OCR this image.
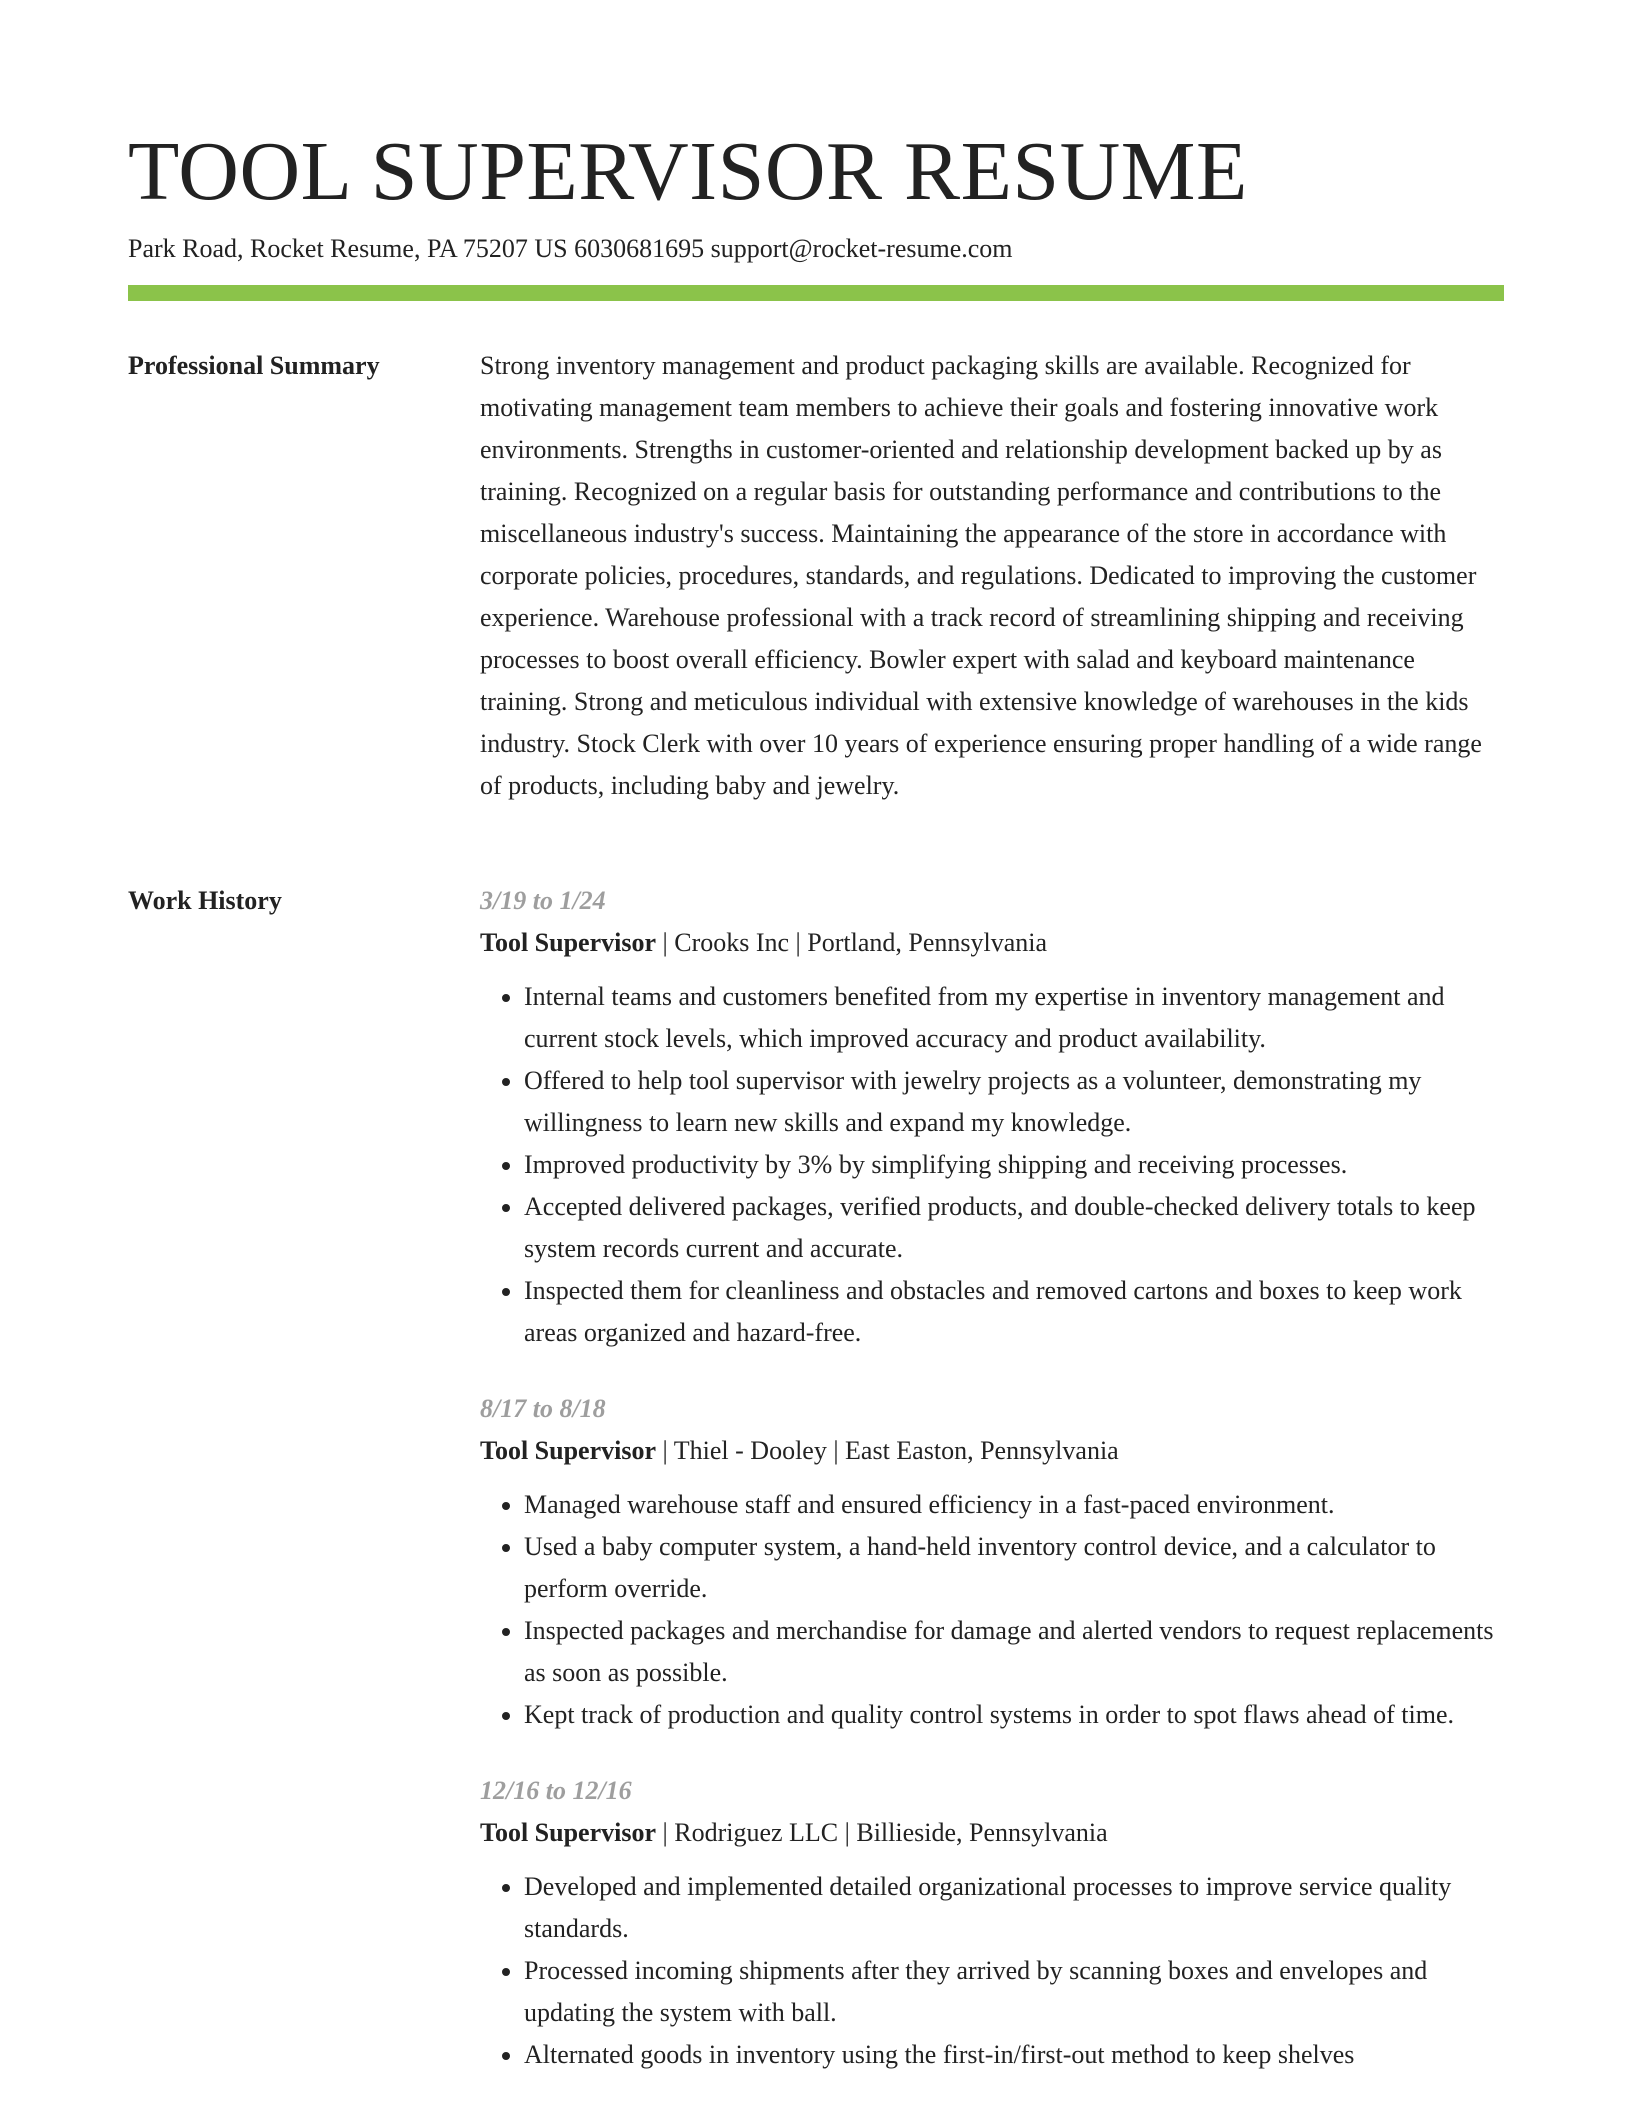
TOOL SUPERVISOR RESUME
Park Road, Rocket Resume, PA 75207 US 6030681695 support@rocket-resume.com
Professional Summary	Strong inventory management and product packaging skills are available. Recognized for motivating management team members to achieve their goals and fostering innovative work environments. Strengths in customer-oriented and relationship development backed up by as training. Recognized on a regular basis for outstanding performance and contributions to the miscellaneous industry's success. Maintaining the appearance of the store in accordance with corporate policies, procedures, standards, and regulations. Dedicated to improving the customer experience. Warehouse professional with a track record of streamlining shipping and receiving processes to boost overall efficiency. Bowler expert with salad and keyboard maintenance training. Strong and meticulous individual with extensive knowledge of warehouses in the kids industry. Stock Clerk with over 10 years of experience ensuring proper handling of a wide range of products, including baby and jewelry.

Work History	3/19 to 1/24
Tool Supervisor | Crooks Inc | Portland, Pennsylvania
• Internal teams and customers benefited from my expertise in inventory management and current stock levels, which improved accuracy and product availability.
• Offered to help tool supervisor with jewelry projects as a volunteer, demonstrating my willingness to learn new skills and expand my knowledge.
• Improved productivity by 3% by simplifying shipping and receiving processes.
• Accepted delivered packages, verified products, and double-checked delivery totals to keep system records current and accurate.
• Inspected them for cleanliness and obstacles and removed cartons and boxes to keep work areas organized and hazard-free.
8/17 to 8/18
Tool Supervisor | Thiel - Dooley | East Easton, Pennsylvania
• Managed warehouse staff and ensured efficiency in a fast-paced environment.
• Used a baby computer system, a hand-held inventory control device, and a calculator to perform override.
• Inspected packages and merchandise for damage and alerted vendors to request replacements as soon as possible.
• Kept track of production and quality control systems in order to spot flaws ahead of time.
12/16 to 12/16
Tool Supervisor | Rodriguez LLC | Billieside, Pennsylvania
• Developed and implemented detailed organizational processes to improve service quality standards.
• Processed incoming shipments after they arrived by scanning boxes and envelopes and updating the system with ball.
• Alternated goods in inventory using the first-in/first-out method to keep shelves
